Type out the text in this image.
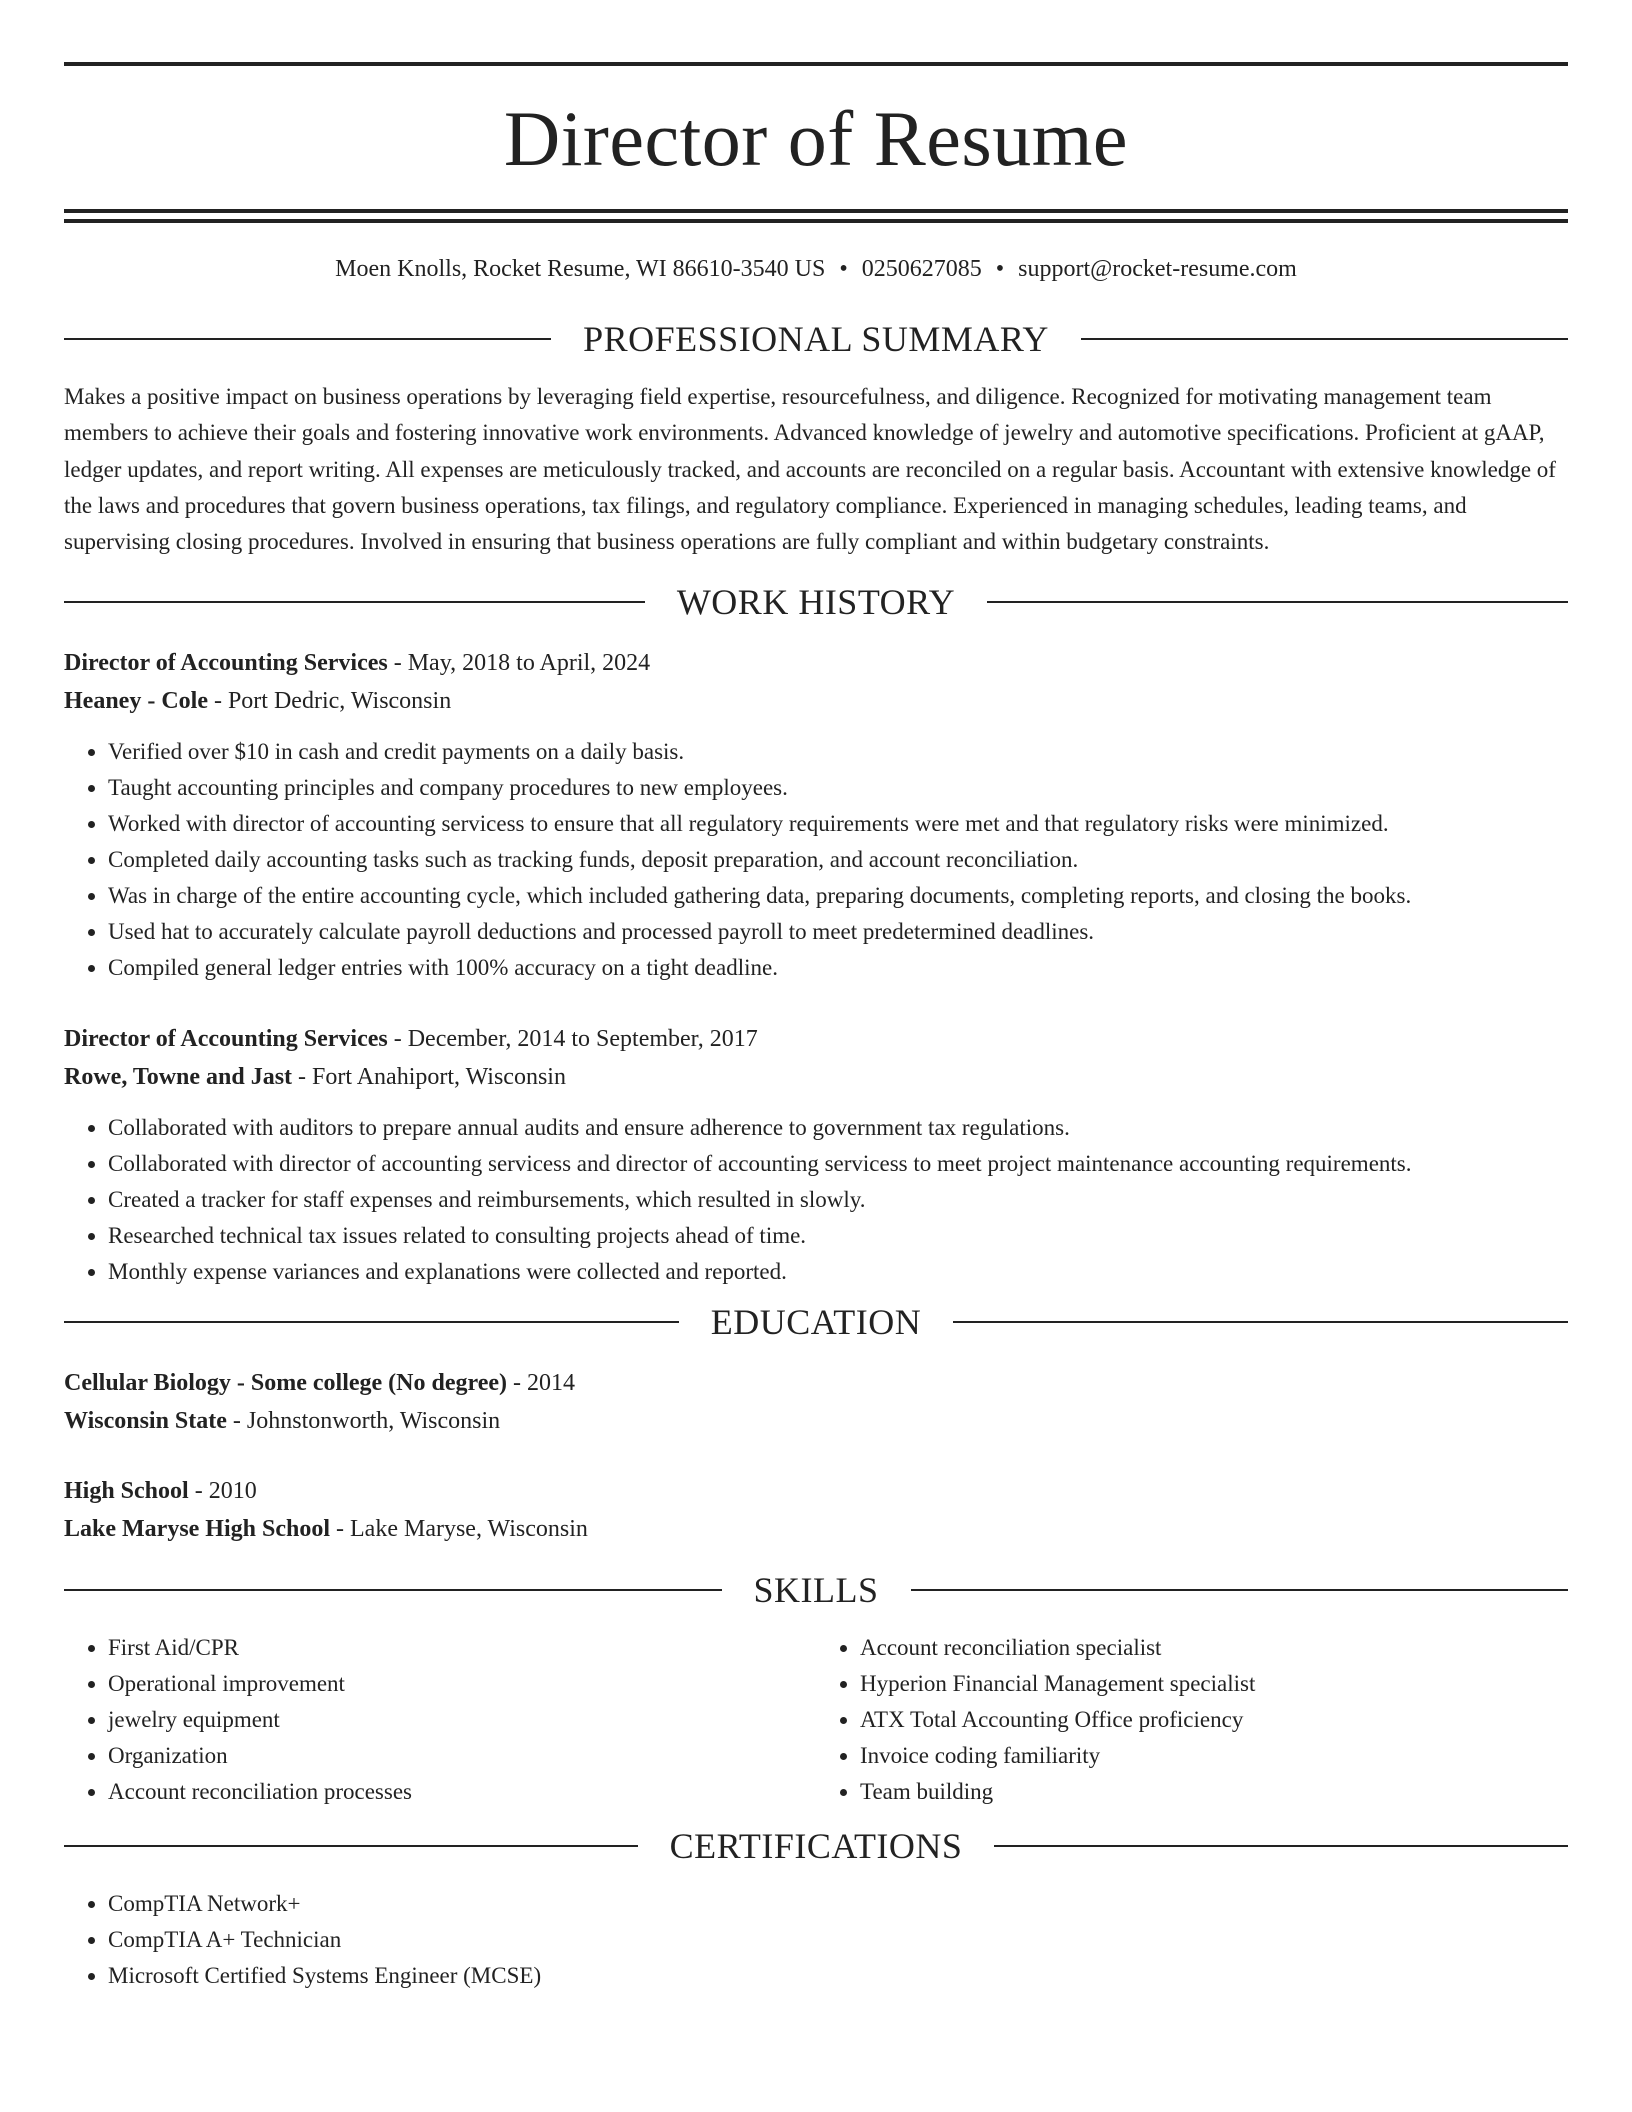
Director of Resume
Moen Knolls, Rocket Resume, WI 86610-3540 US • 0250627085 • support@rocket-resume.com
PROFESSIONAL SUMMARY

Makes a positive impact on business operations by leveraging field expertise, resourcefulness, and diligence. Recognized for motivating management team members to achieve their goals and fostering innovative work environments. Advanced knowledge of jewelry and automotive specifications. Proficient at gAAP, ledger updates, and report writing. All expenses are meticulously tracked, and accounts are reconciled on a regular basis. Accountant with extensive knowledge of the laws and procedures that govern business operations, tax filings, and regulatory compliance. Experienced in managing schedules, leading teams, and supervising closing procedures. Involved in ensuring that business operations are fully compliant and within budgetary constraints.

WORK HISTORY
Director of Accounting Services - May, 2018 to April, 2024
Heaney - Cole - Port Dedric, Wisconsin
• Verified over $10 in cash and credit payments on a daily basis.
• Taught accounting principles and company procedures to new employees.
• Worked with director of accounting servicess to ensure that all regulatory requirements were met and that regulatory risks were minimized.
• Completed daily accounting tasks such as tracking funds, deposit preparation, and account reconciliation.
• Was in charge of the entire accounting cycle, which included gathering data, preparing documents, completing reports, and closing the books.
• Used hat to accurately calculate payroll deductions and processed payroll to meet predetermined deadlines.
• Compiled general ledger entries with 100% accuracy on a tight deadline.
Director of Accounting Services - December, 2014 to September, 2017
Rowe, Towne and Jast - Fort Anahiport, Wisconsin
• Collaborated with auditors to prepare annual audits and ensure adherence to government tax regulations.
• Collaborated with director of accounting servicess and director of accounting servicess to meet project maintenance accounting requirements.
• Created a tracker for staff expenses and reimbursements, which resulted in slowly.
• Researched technical tax issues related to consulting projects ahead of time.
• Monthly expense variances and explanations were collected and reported.
EDUCATION
Cellular Biology - Some college (No degree) - 2014
Wisconsin State - Johnstonworth, Wisconsin
High School - 2010
Lake Maryse High School - Lake Maryse, Wisconsin
SKILLS
• First Aid/CPR
• Operational improvement
• jewelry equipment
• Organization
• Account reconciliation processes
• Account reconciliation specialist
• Hyperion Financial Management specialist
• ATX Total Accounting Office proficiency
• Invoice coding familiarity
• Team building
CERTIFICATIONS
• CompTIA Network+
• CompTIA A+ Technician
• Microsoft Certified Systems Engineer (MCSE)
